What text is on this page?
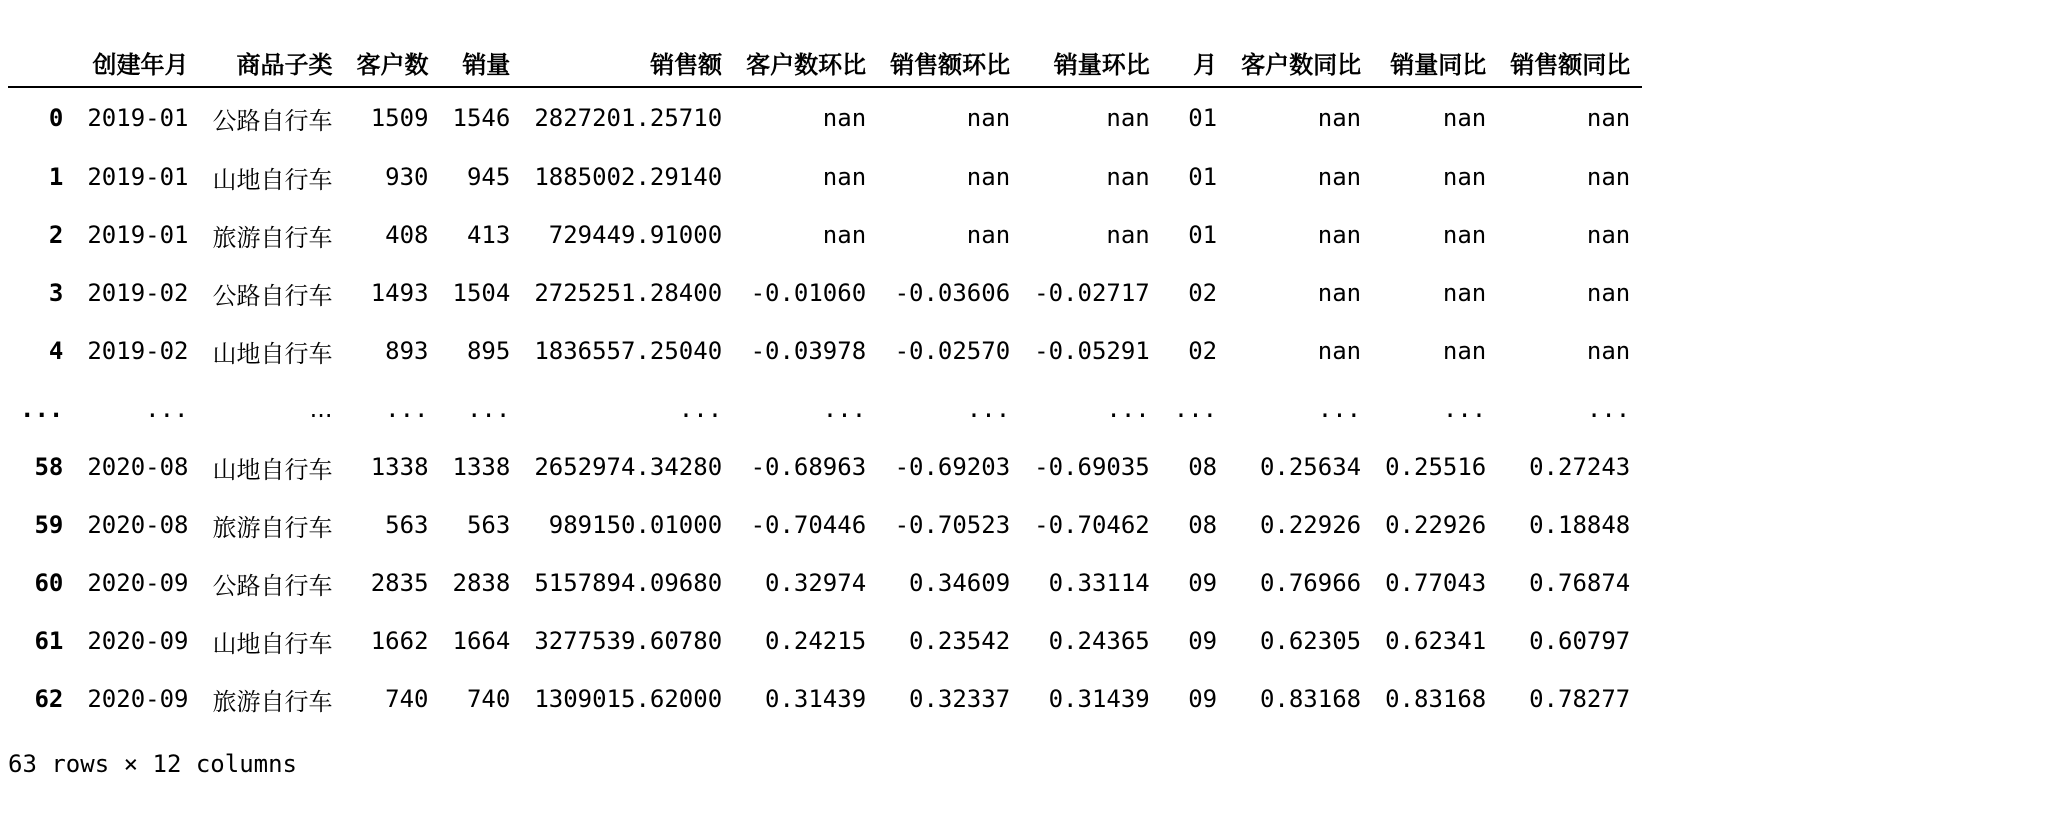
	创建年月	商品子类	客户数	销量	销售额	客户数环比	销售额环比	销量环比	月	客户数同比	销量同比	销售额同比
0	2019-01	公路自行车	1509	1546	2827201.25710	nan	nan	nan	01	nan	nan	nan
1	2019-01	山地自行车	930	945	1885002.29140	nan	nan	nan	01	nan	nan	nan
2	2019-01	旅游自行车	408	413	729449.91000	nan	nan	nan	01	nan	nan	nan
3	2019-02	公路自行车	1493	1504	2725251.28400	-0.01060	-0.03606	-0.02717	02	nan	nan	nan
4	2019-02	山地自行车	893	895	1836557.25040	-0.03978	-0.02570	-0.05291	02	nan	nan	nan
...	...	...	...	...	...	...	...	...	...	...	...	...
58	2020-08	山地自行车	1338	1338	2652974.34280	-0.68963	-0.69203	-0.69035	08	0.25634	0.25516	0.27243
59	2020-08	旅游自行车	563	563	989150.01000	-0.70446	-0.70523	-0.70462	08	0.22926	0.22926	0.18848
60	2020-09	公路自行车	2835	2838	5157894.09680	0.32974	0.34609	0.33114	09	0.76966	0.77043	0.76874
61	2020-09	山地自行车	1662	1664	3277539.60780	0.24215	0.23542	0.24365	09	0.62305	0.62341	0.60797
62	2020-09	旅游自行车	740	740	1309015.62000	0.31439	0.32337	0.31439	09	0.83168	0.83168	0.78277
63 rows × 12 columns
